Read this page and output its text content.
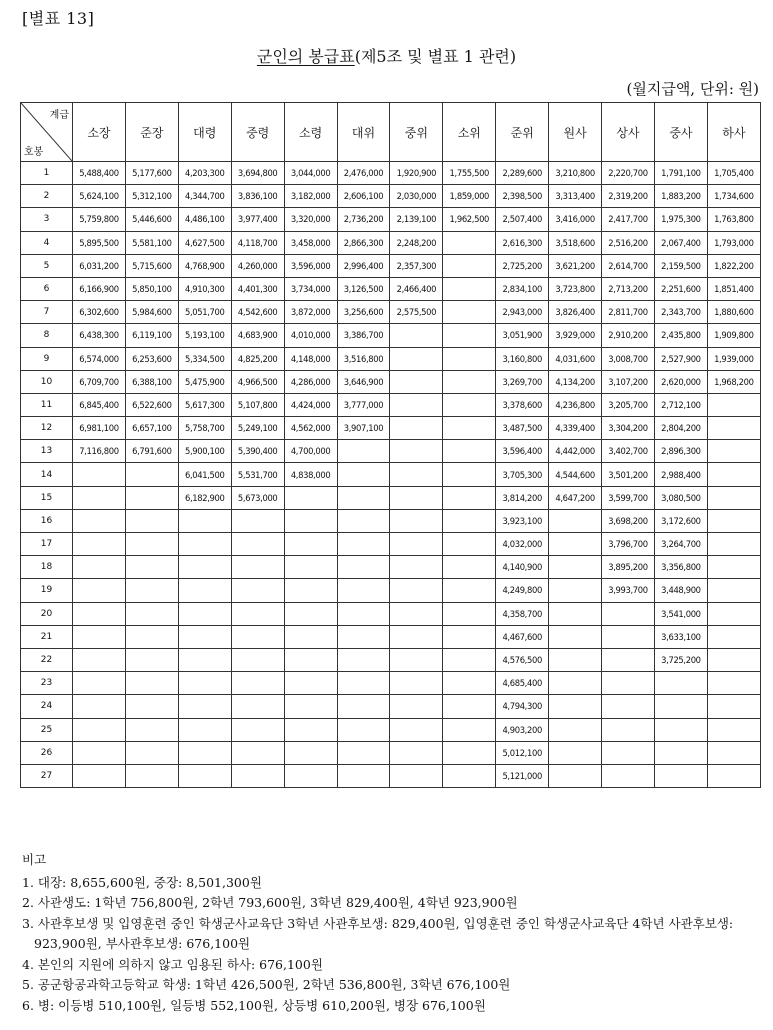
[별표 13]
군인의 봉급표(제5조 및 별표 1 관련)
(월지급액, 단위: 원)
계급
호봉	소장	준장	대령	중령	소령	대위	중위	소위	준위	원사	상사	중사	하사
1	5,488,400	5,177,600	4,203,300	3,694,800	3,044,000	2,476,000	1,920,900	1,755,500	2,289,600	3,210,800	2,220,700	1,791,100	1,705,400
2	5,624,100	5,312,100	4,344,700	3,836,100	3,182,000	2,606,100	2,030,000	1,859,000	2,398,500	3,313,400	2,319,200	1,883,200	1,734,600
3	5,759,800	5,446,600	4,486,100	3,977,400	3,320,000	2,736,200	2,139,100	1,962,500	2,507,400	3,416,000	2,417,700	1,975,300	1,763,800
4	5,895,500	5,581,100	4,627,500	4,118,700	3,458,000	2,866,300	2,248,200		2,616,300	3,518,600	2,516,200	2,067,400	1,793,000
5	6,031,200	5,715,600	4,768,900	4,260,000	3,596,000	2,996,400	2,357,300		2,725,200	3,621,200	2,614,700	2,159,500	1,822,200
6	6,166,900	5,850,100	4,910,300	4,401,300	3,734,000	3,126,500	2,466,400		2,834,100	3,723,800	2,713,200	2,251,600	1,851,400
7	6,302,600	5,984,600	5,051,700	4,542,600	3,872,000	3,256,600	2,575,500		2,943,000	3,826,400	2,811,700	2,343,700	1,880,600
8	6,438,300	6,119,100	5,193,100	4,683,900	4,010,000	3,386,700			3,051,900	3,929,000	2,910,200	2,435,800	1,909,800
9	6,574,000	6,253,600	5,334,500	4,825,200	4,148,000	3,516,800			3,160,800	4,031,600	3,008,700	2,527,900	1,939,000
10	6,709,700	6,388,100	5,475,900	4,966,500	4,286,000	3,646,900			3,269,700	4,134,200	3,107,200	2,620,000	1,968,200
11	6,845,400	6,522,600	5,617,300	5,107,800	4,424,000	3,777,000			3,378,600	4,236,800	3,205,700	2,712,100	
12	6,981,100	6,657,100	5,758,700	5,249,100	4,562,000	3,907,100			3,487,500	4,339,400	3,304,200	2,804,200	
13	7,116,800	6,791,600	5,900,100	5,390,400	4,700,000				3,596,400	4,442,000	3,402,700	2,896,300	
14			6,041,500	5,531,700	4,838,000				3,705,300	4,544,600	3,501,200	2,988,400	
15			6,182,900	5,673,000					3,814,200	4,647,200	3,599,700	3,080,500	
16									3,923,100		3,698,200	3,172,600	
17									4,032,000		3,796,700	3,264,700	
18									4,140,900		3,895,200	3,356,800	
19									4,249,800		3,993,700	3,448,900	
20									4,358,700			3,541,000	
21									4,467,600			3,633,100	
22									4,576,500			3,725,200	
23									4,685,400				
24									4,794,300				
25									4,903,200				
26									5,012,100				
27									5,121,000				
비고
1. 대장: 8,655,600원, 중장: 8,501,300원
2. 사관생도: 1학년 756,800원, 2학년 793,600원, 3학년 829,400원, 4학년 923,900원
3. 사관후보생 및 입영훈련 중인 학생군사교육단 3학년 사관후보생: 829,400원, 입영훈련 중인 학생군사교육단 4학년 사관후보생: 923,900원, 부사관후보생: 676,100원
4. 본인의 지원에 의하지 않고 임용된 하사: 676,100원
5. 공군항공과학고등학교 학생: 1학년 426,500원, 2학년 536,800원, 3학년 676,100원
6. 병: 이등병 510,100원, 일등병 552,100원, 상등병 610,200원, 병장 676,100원
